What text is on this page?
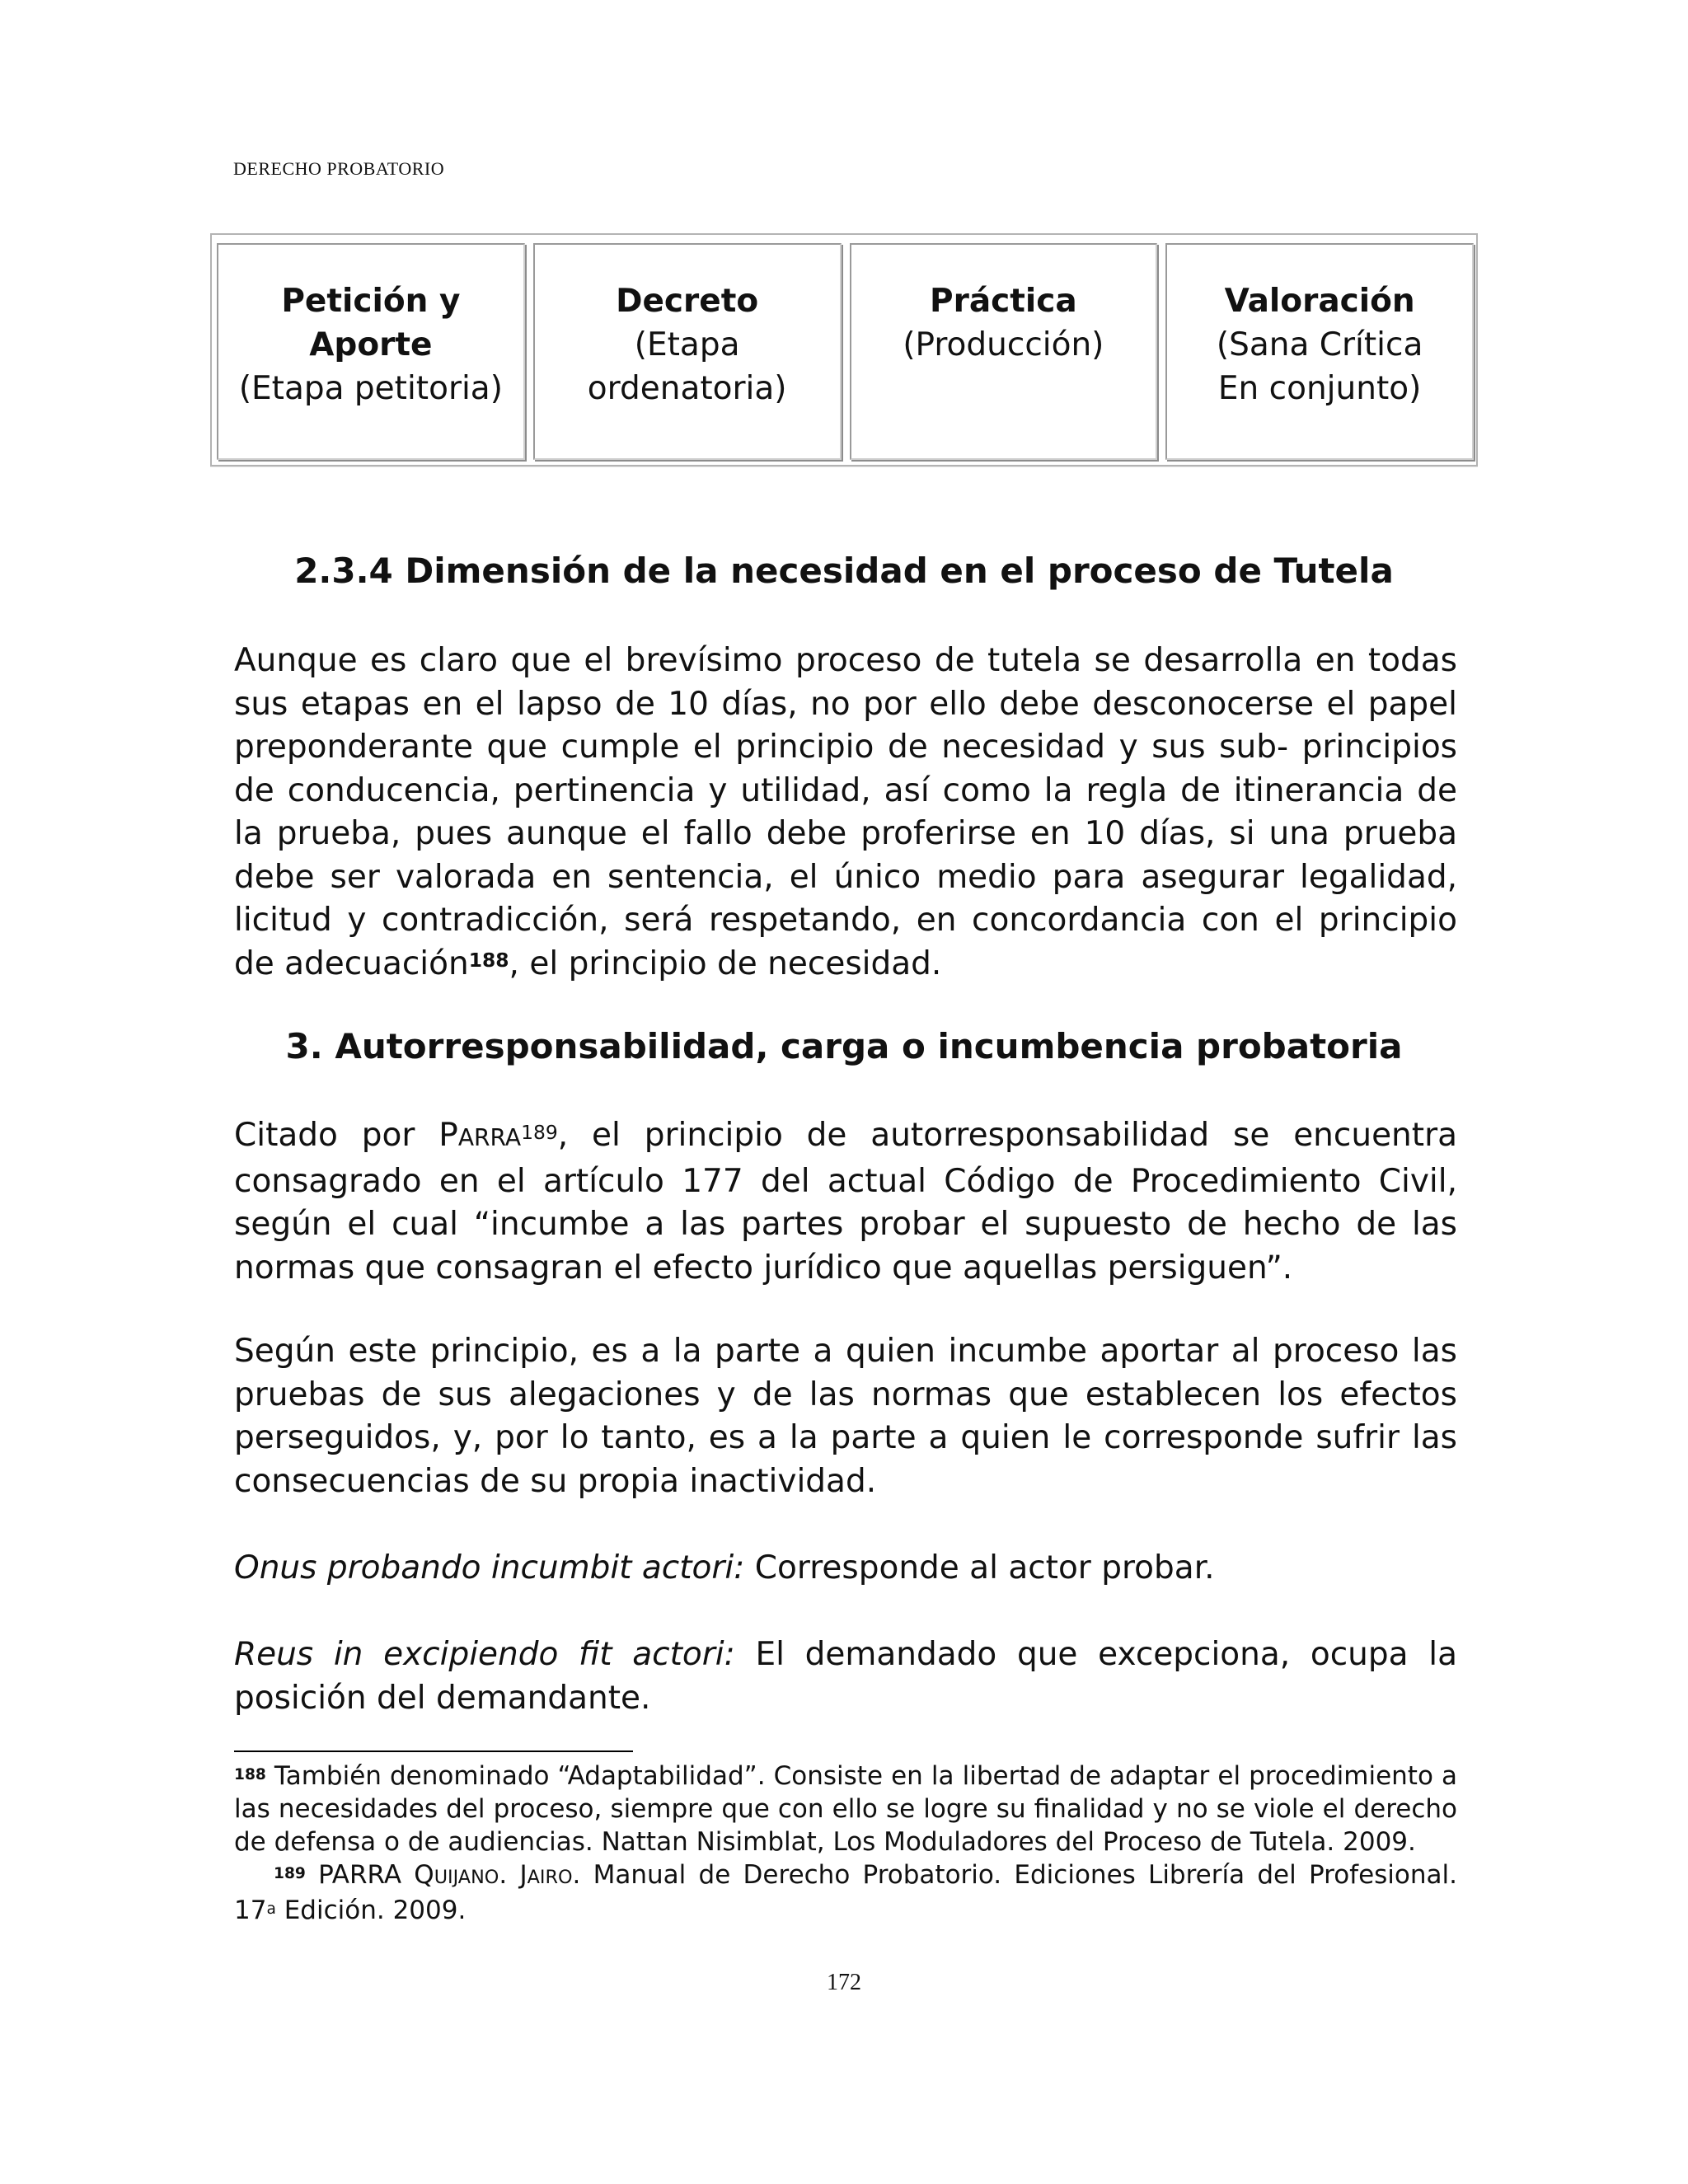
DERECHO PROBATORIO
Petición y
Aporte
(Etapa petitoria)
Decreto
(Etapa
ordenatoria)
Práctica
(Producción)
Valoración
(Sana Crítica
En conjunto)
2.3.4 Dimensión de la necesidad en el proceso de Tutela
Aunque es claro que el brevísimo proceso de tutela se desarrolla en todas sus etapas en el lapso de 10 días, no por ello debe desconocerse el papel preponderante que cumple el principio de necesidad y sus sub- principios de conducencia, pertinencia y utilidad, así como la regla de itinerancia de la prueba, pues aunque el fallo debe proferirse en 10 días, si una prueba debe ser valorada en sentencia, el único medio para asegurar legalidad, licitud y contradicción, será respetando, en concordancia con el principio de adecuación$^{188}$, el principio de necesidad.
3. Autorresponsabilidad, carga o incumbencia probatoria
Citado por PARRA$^{189}$, el principio de autorresponsabilidad se encuentra consagrado en el artículo 177 del actual Código de Procedimiento Civil, según el cual “incumbe a las partes probar el supuesto de hecho de las normas que consagran el efecto jurídico que aquellas persiguen”.
Según este principio, es a la parte a quien incumbe aportar al proceso las pruebas de sus alegaciones y de las normas que establecen los efectos perseguidos, y, por lo tanto, es a la parte a quien le corresponde sufrir las consecuencias de su propia inactividad.
Onus probando incumbit actori: Corresponde al actor probar.
Reus in excipiendo fit actori: El demandado que excepciona, ocupa la posición del demandante.
$^{188}$ También denominado “Adaptabilidad”. Consiste en la libertad de adaptar el procedimiento a las necesidades del proceso, siempre que con ello se logre su finalidad y no se viole el derecho de defensa o de audiencias. Nattan Nisimblat, Los Moduladores del Proceso de Tutela. 2009.
$^{189}$ PARRA QUIJANO. JAIRO. Manual de Derecho Probatorio. Ediciones Librería del Profesional. 17$^a$ Edición. 2009.
172
